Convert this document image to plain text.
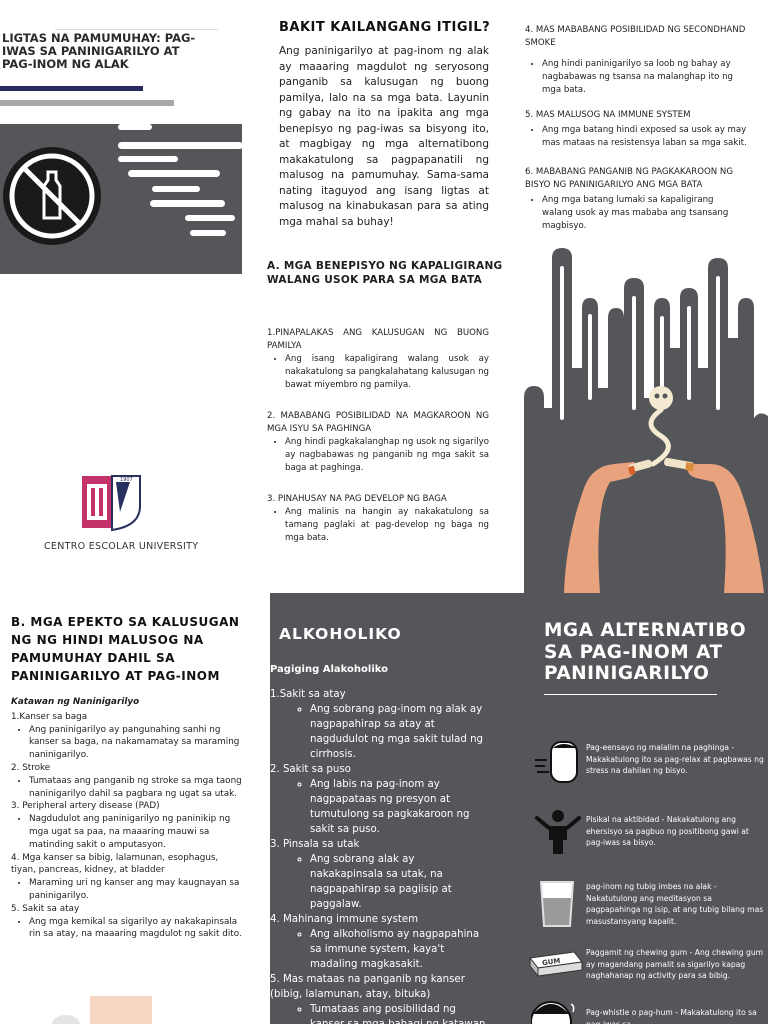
LIGTAS NA PAMUMUHAY: PAG-IWAS SA PANINIGARILYO AT PAG-INOM NG ALAK
1907
CENTRO ESCOLAR UNIVERSITY
BAKIT KAILANGANG ITIGIL?

Ang paninigarilyo at pag-inom ng alak ay maaaring magdulot ng seryosong panganib sa kalusugan ng buong pamilya, lalo na sa mga bata. Layunin ng gabay na ito na ipakita ang mga benepisyo ng pag-iwas sa bisyong ito, at magbigay ng mga alternatibong makakatulong sa pagpapanatili ng malusog na pamumuhay. Sama-sama nating itaguyod ang isang ligtas at malusog na kinabukasan para sa ating mga mahal sa buhay!

A. MGA BENEPISYO NG KAPALIGIRANG WALANG USOK PARA SA MGA BATA
1.PINAPALAKAS ANG KALUSUGAN NG BUONG PAMILYA
• Ang isang kapaligirang walang usok ay nakakatulong sa pangkalahatang kalusugan ng bawat miyembro ng pamilya.
2. MABABANG POSIBILIDAD NA MAGKAROON NG MGA ISYU SA PAGHINGA
• Ang hindi pagkakalanghap ng usok ng sigarilyo ay nagbabawas ng panganib ng mga sakit sa baga at paghinga.
3. PINAHUSAY NA PAG DEVELOP NG BAGA
• Ang malinis na hangin ay nakakatulong sa tamang paglaki at pag-develop ng baga ng mga bata.
4. MAS MABABANG POSIBILIDAD NG SECONDHAND SMOKE
• Ang hindi paninigarilyo sa loob ng bahay ay nagbabawas ng tsansa na malanghap ito ng mga bata.
5. MAS MALUSOG NA IMMUNE SYSTEM
• Ang mga batang hindi exposed sa usok ay may mas mataas na resistensya laban sa mga sakit.
6. MABABANG PANGANIB NG PAGKAKAROON NG BISYO NG PANINIGARILYO ANG MGA BATA
• Ang mga batang lumaki sa kapaligirang walang usok ay mas mababa ang tsansang magbisyo.
B. MGA EPEKTO SA KALUSUGAN NG NG HINDI MALUSOG NA PAMUMUHAY DAHIL SA PANINIGARILYO AT PAG-INOM
Katawan ng Naninigarilyo
1.Kanser sa baga
• Ang paninigarilyo ay pangunahing sanhi ng kanser sa baga, na nakamamatay sa maraming naninigarilyo.
2. Stroke
• Tumataas ang panganib ng stroke sa mga taong naninigarilyo dahil sa pagbara ng ugat sa utak.
3. Peripheral artery disease (PAD)
• Nagdudulot ang paninigarilyo ng paninikip ng mga ugat sa paa, na maaaring mauwi sa matinding sakit o amputasyon.
4. Mga kanser sa bibig, lalamunan, esophagus, tiyan, pancreas, kidney, at bladder
• Maraming uri ng kanser ang may kaugnayan sa paninigarilyo.
5. Sakit sa atay
• Ang mga kemikal sa sigarilyo ay nakakapinsala rin sa atay, na maaaring magdulot ng sakit dito.
ALKOHOLIKO
Pagiging Alakoholiko
1.Sakit sa atay
◦ Ang sobrang pag-inom ng alak ay nagpapahirap sa atay at nagdudulot ng mga sakit tulad ng cirrhosis.
2. Sakit sa puso
◦ Ang labis na pag-inom ay nagpapataas ng presyon at tumutulong sa pagkakaroon ng sakit sa puso.
3. Pinsala sa utak
◦ Ang sobrang alak ay nakakapinsala sa utak, na nagpapahirap sa pagiisip at paggalaw.
4. Mahinang immune system
◦ Ang alkoholismo ay nagpapahina sa immune system, kaya't madaling magkasakit.
5. Mas mataas na panganib ng kanser (bibig, lalamunan, atay, bituka)
◦ Tumataas ang posibilidad ng kanser sa mga bahagi ng katawan
MGA ALTERNATIBO SA PAG-INOM AT PANINIGARILYO
Pag-eensayo ng malalim na paghinga - Makakatulong ito sa pag-relax at pagbawas ng stress na dahilan ng bisyo.
Pisikal na aktibidad - Nakakatulong ang ehersisyo sa pagbuo ng positibong gawi at pag-iwas sa bisyo.
pag-inom ng tubig imbes na alak - Nakatutulong ang meditasyon sa pagpapahinga ng isip, at ang tubig bilang mas masustansyang kapalit.
GUM
Paggamit ng chewing gum - Ang chewing gum ay magandang pamalit sa sigarilyo kapag naghahanap ng activity para sa bibig.
Pag-whistle o pag-hum - Makakatulong ito sa pag-iwas sa
